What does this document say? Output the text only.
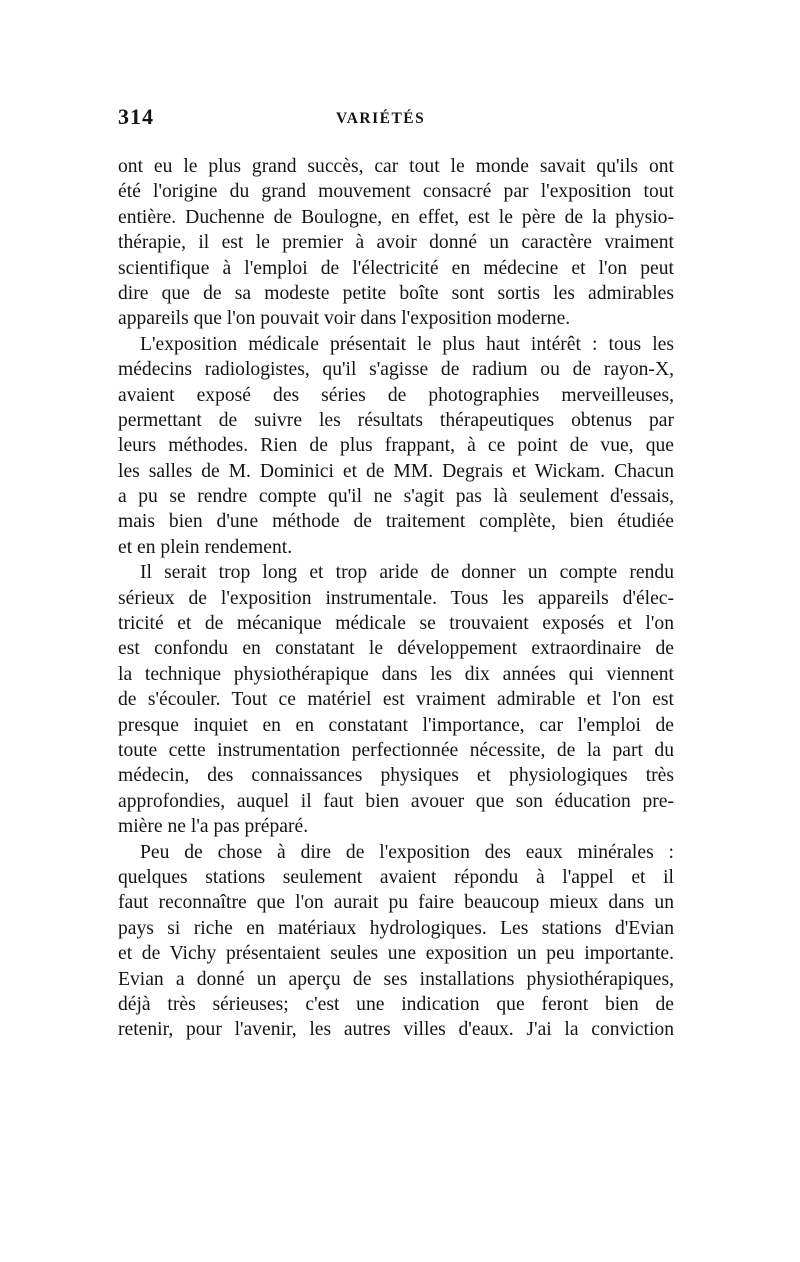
314	VARIÉTÉS
ont eu le plus grand succès, car tout le monde savait qu'ils ont
été l'origine du grand mouvement consacré par l'exposition tout
entière. Duchenne de Boulogne, en effet, est le père de la physio-
thérapie, il est le premier à avoir donné un caractère vraiment
scientifique à l'emploi de l'électricité en médecine et l'on peut
dire que de sa modeste petite boîte sont sortis les admirables
appareils que l'on pouvait voir dans l'exposition moderne.
L'exposition médicale présentait le plus haut intérêt : tous les
médecins radiologistes, qu'il s'agisse de radium ou de rayon-X,
avaient exposé des séries de photographies merveilleuses,
permettant de suivre les résultats thérapeutiques obtenus par
leurs méthodes. Rien de plus frappant, à ce point de vue, que
les salles de M. Dominici et de MM. Degrais et Wickam. Chacun
a pu se rendre compte qu'il ne s'agit pas là seulement d'essais,
mais bien d'une méthode de traitement complète, bien étudiée
et en plein rendement.
Il serait trop long et trop aride de donner un compte rendu
sérieux de l'exposition instrumentale. Tous les appareils d'élec-
tricité et de mécanique médicale se trouvaient exposés et l'on
est confondu en constatant le développement extraordinaire de
la technique physiothérapique dans les dix années qui viennent
de s'écouler. Tout ce matériel est vraiment admirable et l'on est
presque inquiet en en constatant l'importance, car l'emploi de
toute cette instrumentation perfectionnée nécessite, de la part du
médecin, des connaissances physiques et physiologiques très
approfondies, auquel il faut bien avouer que son éducation pre-
mière ne l'a pas préparé.
Peu de chose à dire de l'exposition des eaux minérales :
quelques stations seulement avaient répondu à l'appel et il
faut reconnaître que l'on aurait pu faire beaucoup mieux dans un
pays si riche en matériaux hydrologiques. Les stations d'Evian
et de Vichy présentaient seules une exposition un peu importante.
Evian a donné un aperçu de ses installations physiothérapiques,
déjà très sérieuses; c'est une indication que feront bien de
retenir, pour l'avenir, les autres villes d'eaux. J'ai la conviction
